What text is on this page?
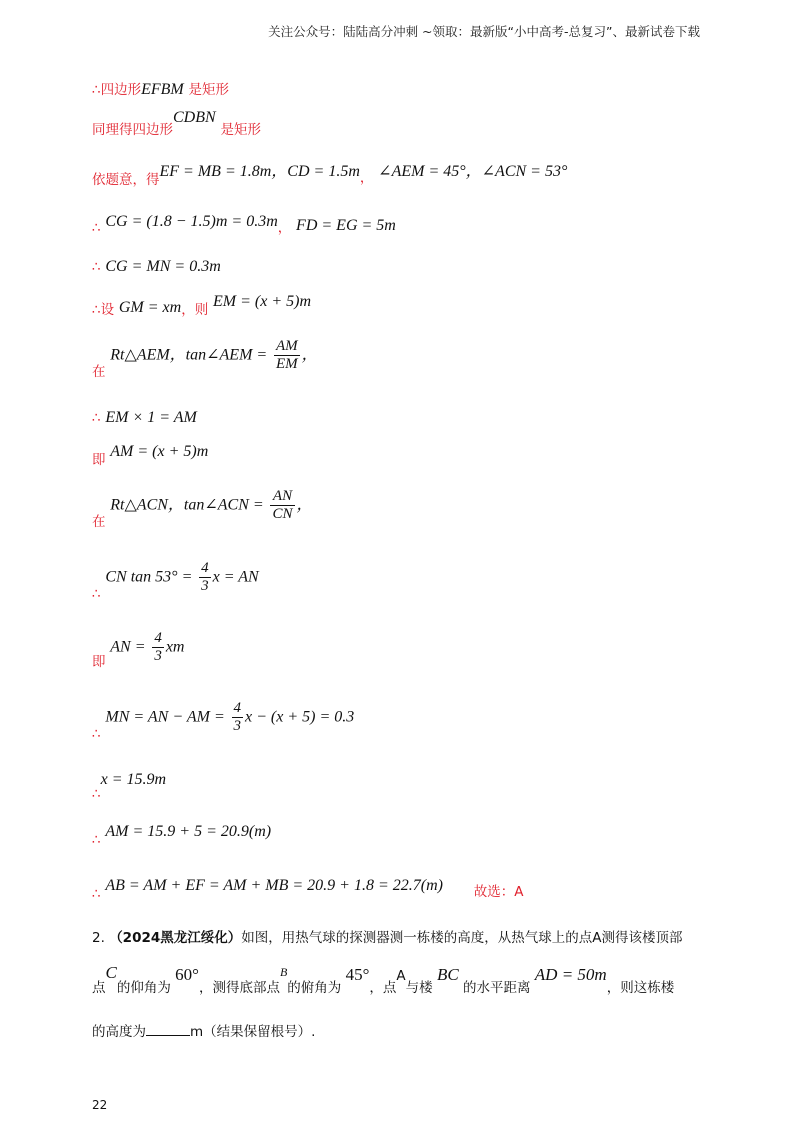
关注公众号：陆陆高分冲刺 ~领取：最新版“小中高考-总复习”、最新试卷下载
∴四边形EFBM 是矩形
同理得四边形CDBN 是矩形
依题意，得EF = MB = 1.8m，CD = 1.5m， ∠AEM = 45°，∠ACN = 53°
∴ CG = (1.8 − 1.5)m = 0.3m， FD = EG = 5m
∴ CG = MN = 0.3m
∴设 GM = xm，则 EM = (x + 5)m
在 Rt△AEM，tan∠AEM = $\frac{AM}{EM}$ ，
∴ EM × 1 = AM
即 AM = (x + 5)m
在 Rt△ACN，tan∠ACN = $\frac{AN}{CN}$ ，
∴ CN $\tan 53^\circ = \frac{4}{3}$ x = AN
即 AN = $\frac{4}{3}$ xm
∴ MN = AN − AM = $\frac{4}{3}$ x − (x + 5) = 0.3
∴x = 15.9m
∴ AM = 15.9 + 5 = 20.9(m)
∴ AB = AM + EF = AM + MB = 20.9 + 1.8 = 22.7(m) 故选：A
2. （2024黑龙江绥化）如图，用热气球的探测器测一栋楼的高度，从热气球上的点A测得该楼顶部
点C的仰角为 60°，测得底部点B的俯角为 45°，点A与楼 BC 的水平距离 AD = 50m，则这栋楼
的高度为	m（结果保留根号）.
22
